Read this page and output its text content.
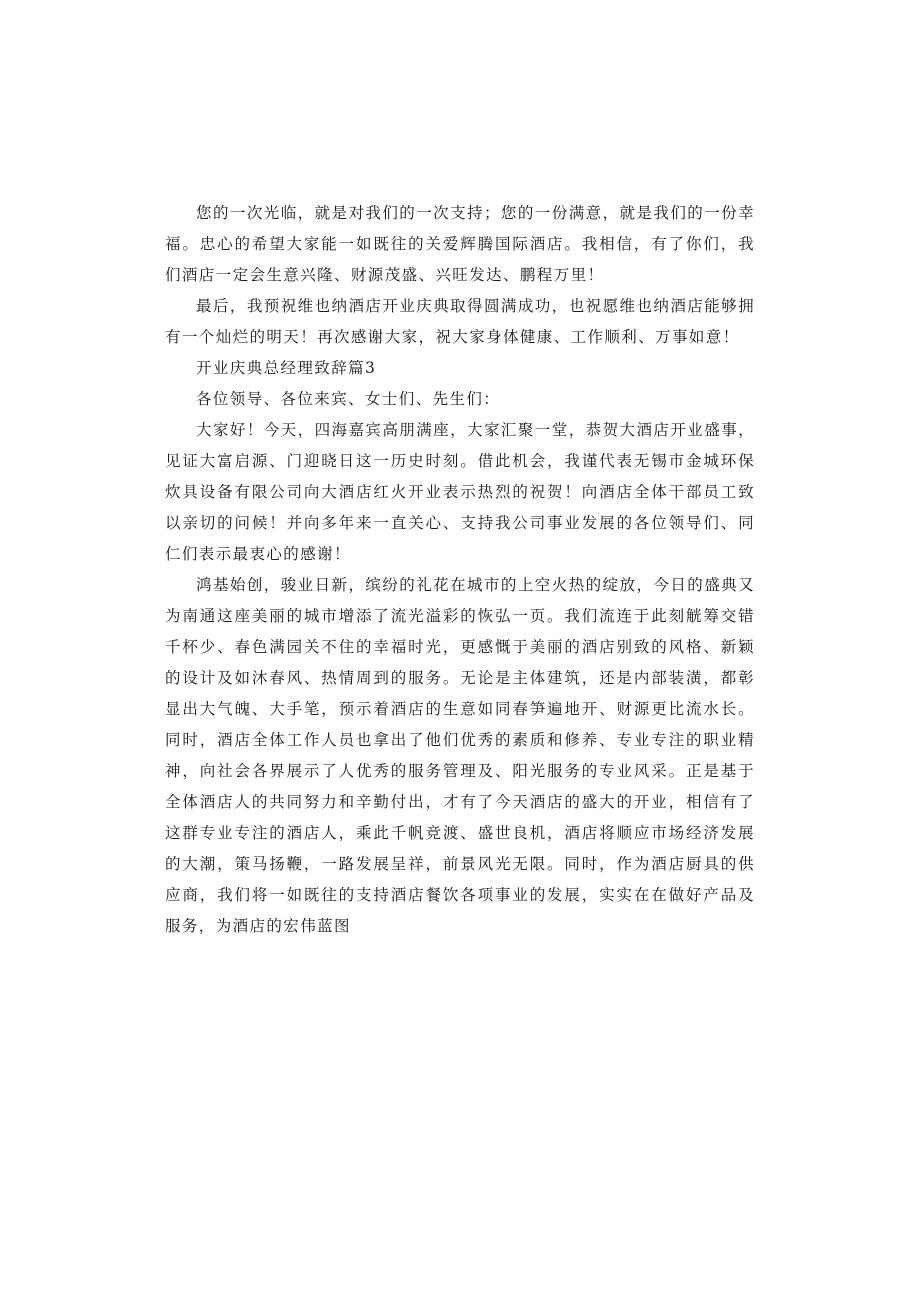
您的一次光临，就是对我们的一次支持；您的一份满意，就是我们的一份幸福。忠心的希望大家能一如既往的关爱辉腾国际酒店。我相信，有了你们，我们酒店一定会生意兴隆、财源茂盛、兴旺发达、鹏程万里！

最后，我预祝维也纳酒店开业庆典取得圆满成功，也祝愿维也纳酒店能够拥有一个灿烂的明天！再次感谢大家，祝大家身体健康、工作顺利、万事如意！

开业庆典总经理致辞篇3

各位领导、各位来宾、女士们、先生们：

大家好！今天，四海嘉宾高朋满座，大家汇聚一堂，恭贺大酒店开业盛事，见证大富启源、门迎晓日这一历史时刻。借此机会，我谨代表无锡市金城环保炊具设备有限公司向大酒店红火开业表示热烈的祝贺！向酒店全体干部员工致以亲切的问候！并向多年来一直关心、支持我公司事业发展的各位领导们、同仁们表示最衷心的感谢！

鸿基始创，骏业日新，缤纷的礼花在城市的上空火热的绽放，今日的盛典又为南通这座美丽的城市增添了流光溢彩的恢弘一页。我们流连于此刻觥筹交错千杯少、春色满园关不住的幸福时光，更感慨于美丽的酒店别致的风格、新颖的设计及如沐春风、热情周到的服务。无论是主体建筑，还是内部装潢，都彰显出大气魄、大手笔，预示着酒店的生意如同春笋遍地开、财源更比流水长。同时，酒店全体工作人员也拿出了他们优秀的素质和修养、专业专注的职业精神，向社会各界展示了人优秀的服务管理及、阳光服务的专业风采。正是基于全体酒店人的共同努力和辛勤付出，才有了今天酒店的盛大的开业，相信有了这群专业专注的酒店人，乘此千帆竞渡、盛世良机，酒店将顺应市场经济发展的大潮，策马扬鞭，一路发展呈祥，前景风光无限。同时，作为酒店厨具的供应商，我们将一如既往的支持酒店餐饮各项事业的发展，实实在在做好产品及服务，为酒店的宏伟蓝图
